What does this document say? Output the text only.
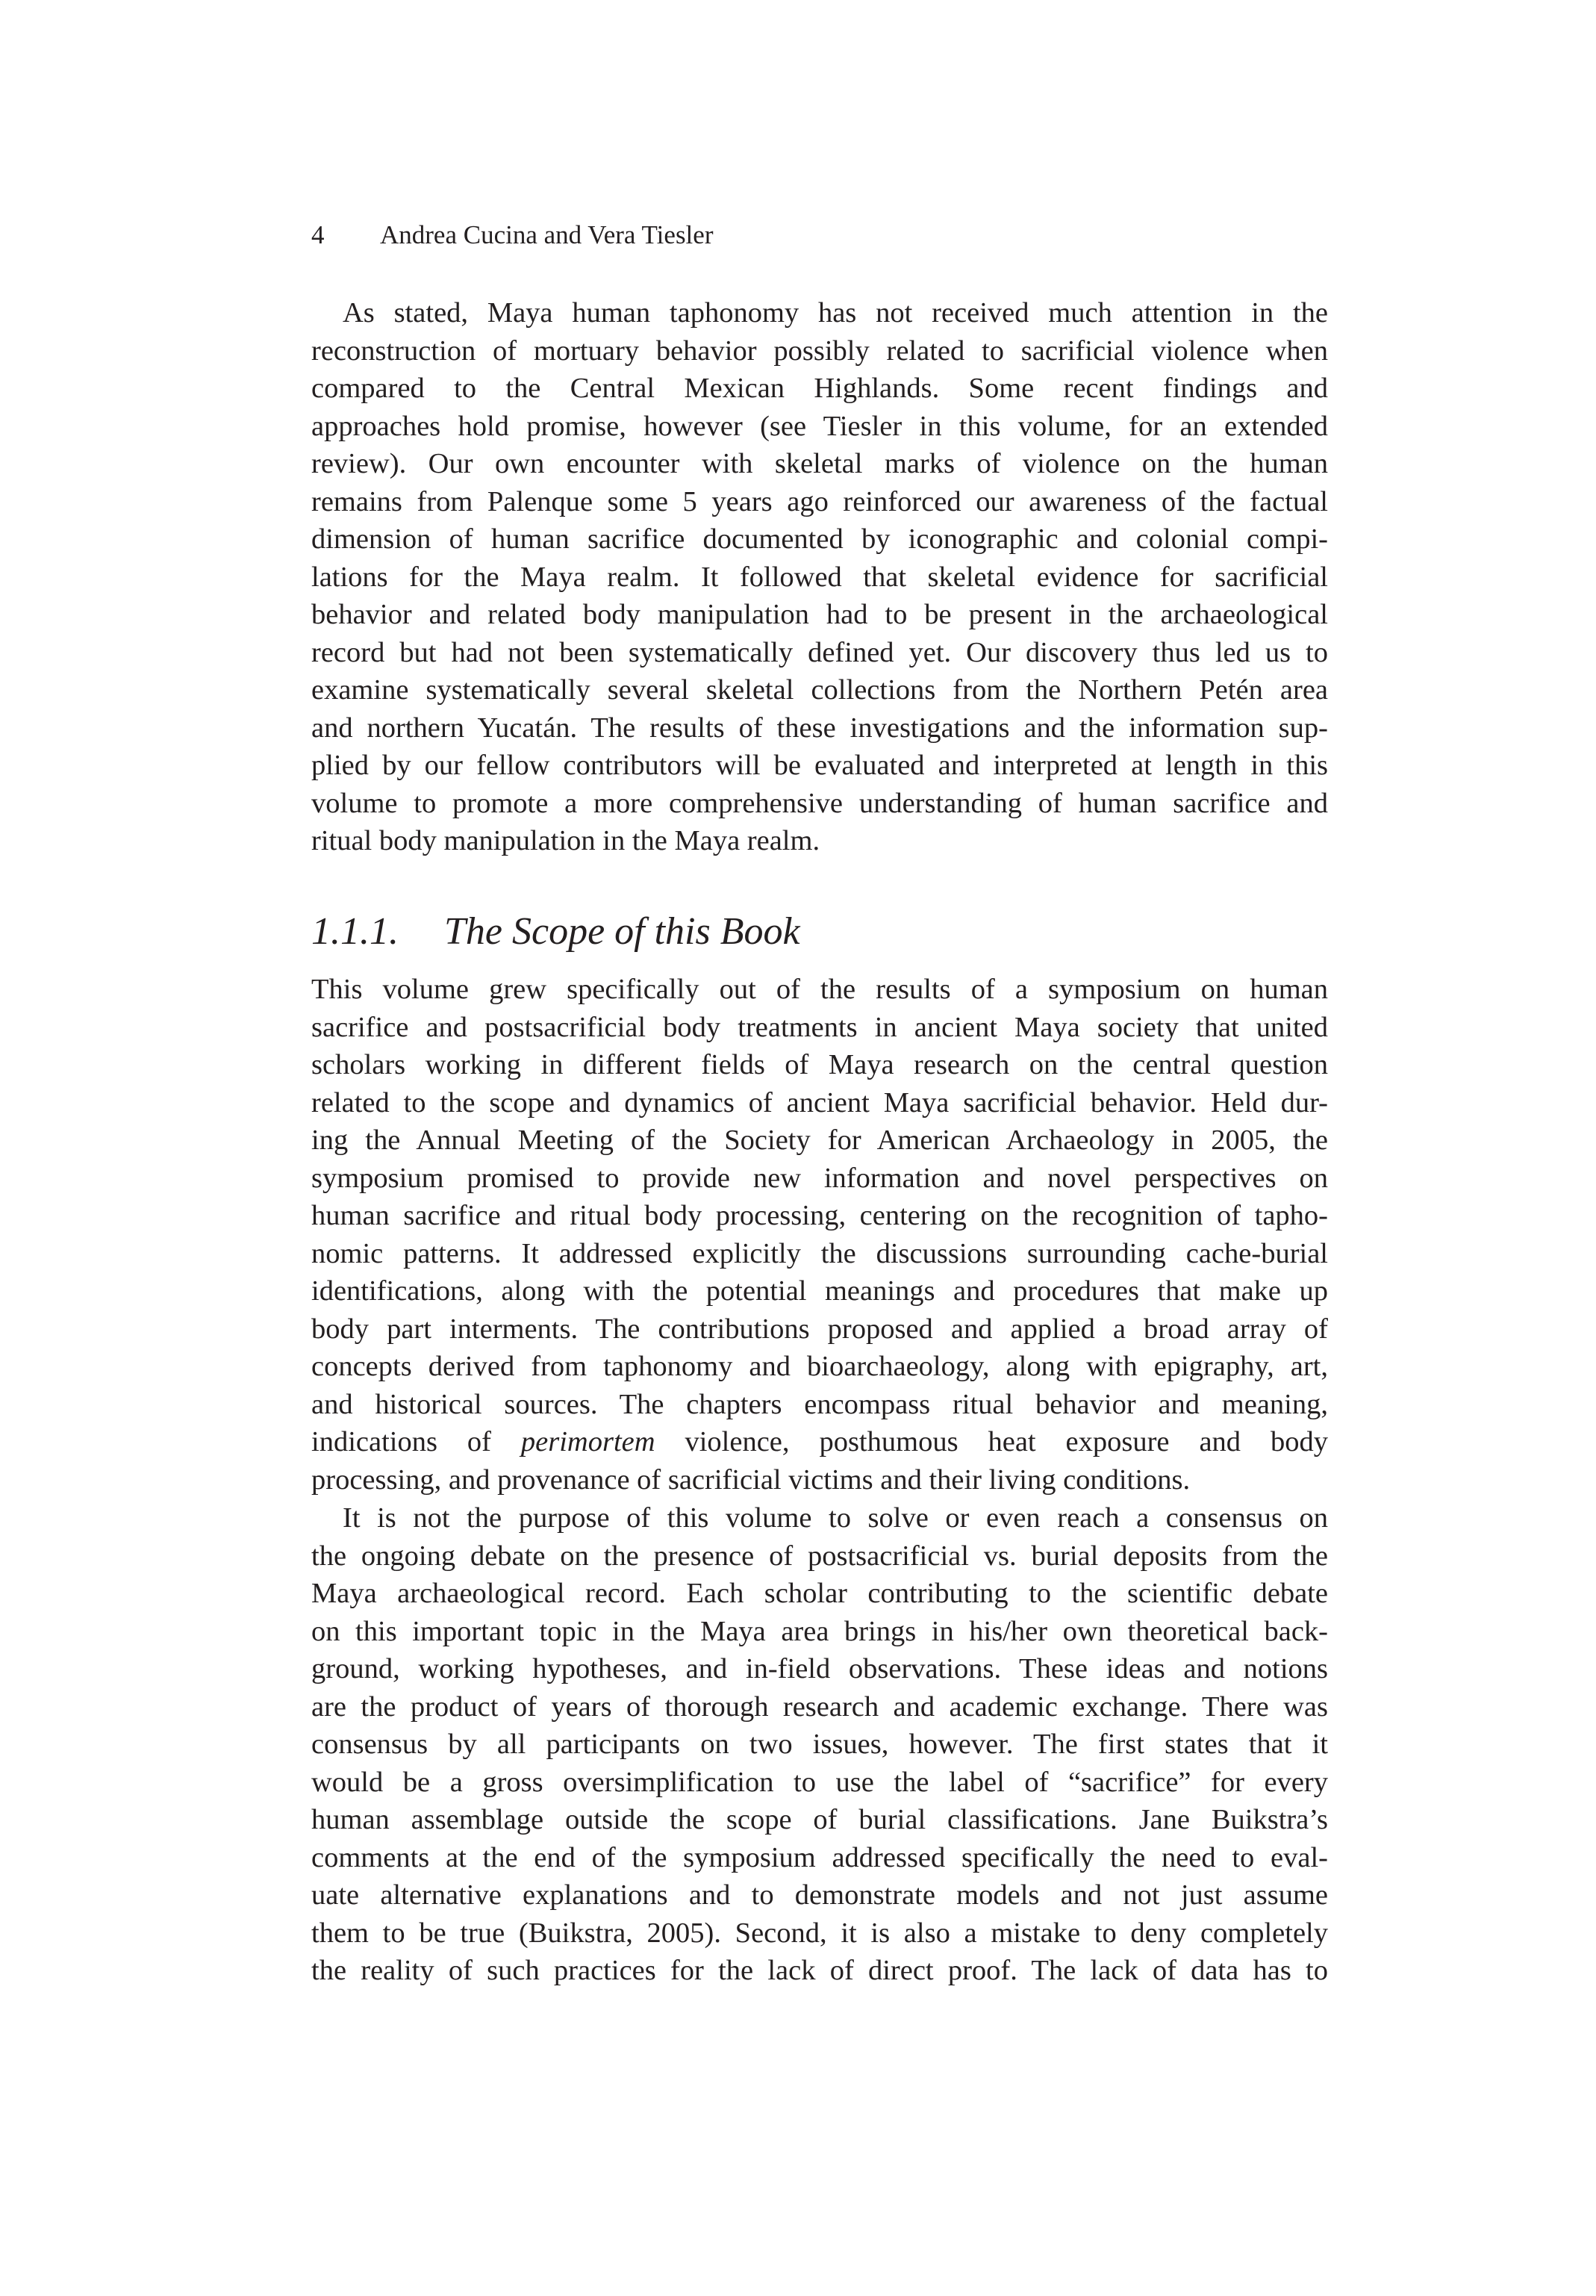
4 Andrea Cucina and Vera Tiesler

As stated, Maya human taphonomy has not received much attention in the
reconstruction of mortuary behavior possibly related to sacrificial violence when
compared to the Central Mexican Highlands. Some recent findings and
approaches hold promise, however (see Tiesler in this volume, for an extended
review). Our own encounter with skeletal marks of violence on the human
remains from Palenque some 5 years ago reinforced our awareness of the factual
dimension of human sacrifice documented by iconographic and colonial compi-
lations for the Maya realm. It followed that skeletal evidence for sacrificial
behavior and related body manipulation had to be present in the archaeological
record but had not been systematically defined yet. Our discovery thus led us to
examine systematically several skeletal collections from the Northern Petén area
and northern Yucatán. The results of these investigations and the information sup-
plied by our fellow contributors will be evaluated and interpreted at length in this
volume to promote a more comprehensive understanding of human sacrifice and
ritual body manipulation in the Maya realm.

1.1.1. The Scope of this Book

This volume grew specifically out of the results of a symposium on human
sacrifice and postsacrificial body treatments in ancient Maya society that united
scholars working in different fields of Maya research on the central question
related to the scope and dynamics of ancient Maya sacrificial behavior. Held dur-
ing the Annual Meeting of the Society for American Archaeology in 2005, the
symposium promised to provide new information and novel perspectives on
human sacrifice and ritual body processing, centering on the recognition of tapho-
nomic patterns. It addressed explicitly the discussions surrounding cache-burial
identifications, along with the potential meanings and procedures that make up
body part interments. The contributions proposed and applied a broad array of
concepts derived from taphonomy and bioarchaeology, along with epigraphy, art,
and historical sources. The chapters encompass ritual behavior and meaning,
indications of perimortem violence, posthumous heat exposure and body
processing, and provenance of sacrificial victims and their living conditions.

It is not the purpose of this volume to solve or even reach a consensus on
the ongoing debate on the presence of postsacrificial vs. burial deposits from the
Maya archaeological record. Each scholar contributing to the scientific debate
on this important topic in the Maya area brings in his/her own theoretical back-
ground, working hypotheses, and in-field observations. These ideas and notions
are the product of years of thorough research and academic exchange. There was
consensus by all participants on two issues, however. The first states that it
would be a gross oversimplification to use the label of “sacrifice” for every
human assemblage outside the scope of burial classifications. Jane Buikstra’s
comments at the end of the symposium addressed specifically the need to eval-
uate alternative explanations and to demonstrate models and not just assume
them to be true (Buikstra, 2005). Second, it is also a mistake to deny completely
the reality of such practices for the lack of direct proof. The lack of data has to
